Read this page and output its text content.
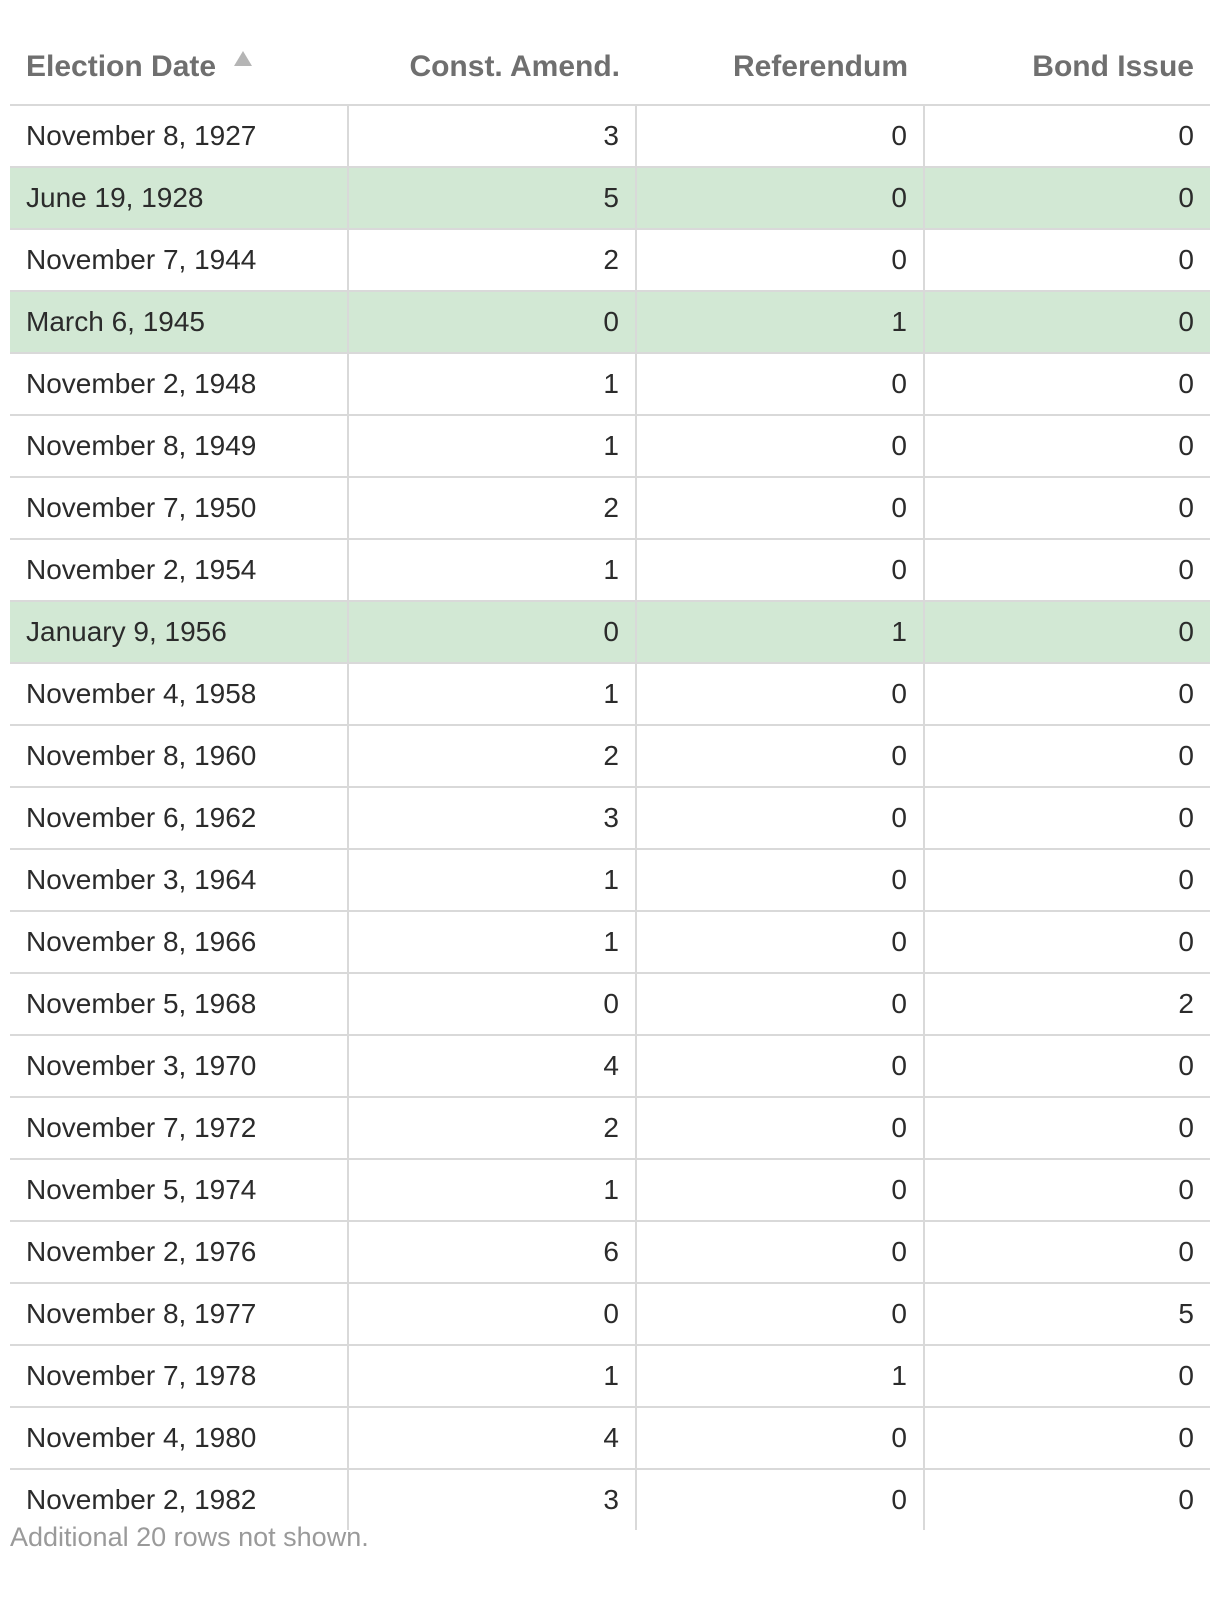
Election Date	Const. Amend.	Referendum	Bond Issue
November 8, 1927	3	0	0
June 19, 1928	5	0	0
November 7, 1944	2	0	0
March 6, 1945	0	1	0
November 2, 1948	1	0	0
November 8, 1949	1	0	0
November 7, 1950	2	0	0
November 2, 1954	1	0	0
January 9, 1956	0	1	0
November 4, 1958	1	0	0
November 8, 1960	2	0	0
November 6, 1962	3	0	0
November 3, 1964	1	0	0
November 8, 1966	1	0	0
November 5, 1968	0	0	2
November 3, 1970	4	0	0
November 7, 1972	2	0	0
November 5, 1974	1	0	0
November 2, 1976	6	0	0
November 8, 1977	0	0	5
November 7, 1978	1	1	0
November 4, 1980	4	0	0
November 2, 1982	3	0	0
Additional 20 rows not shown.
